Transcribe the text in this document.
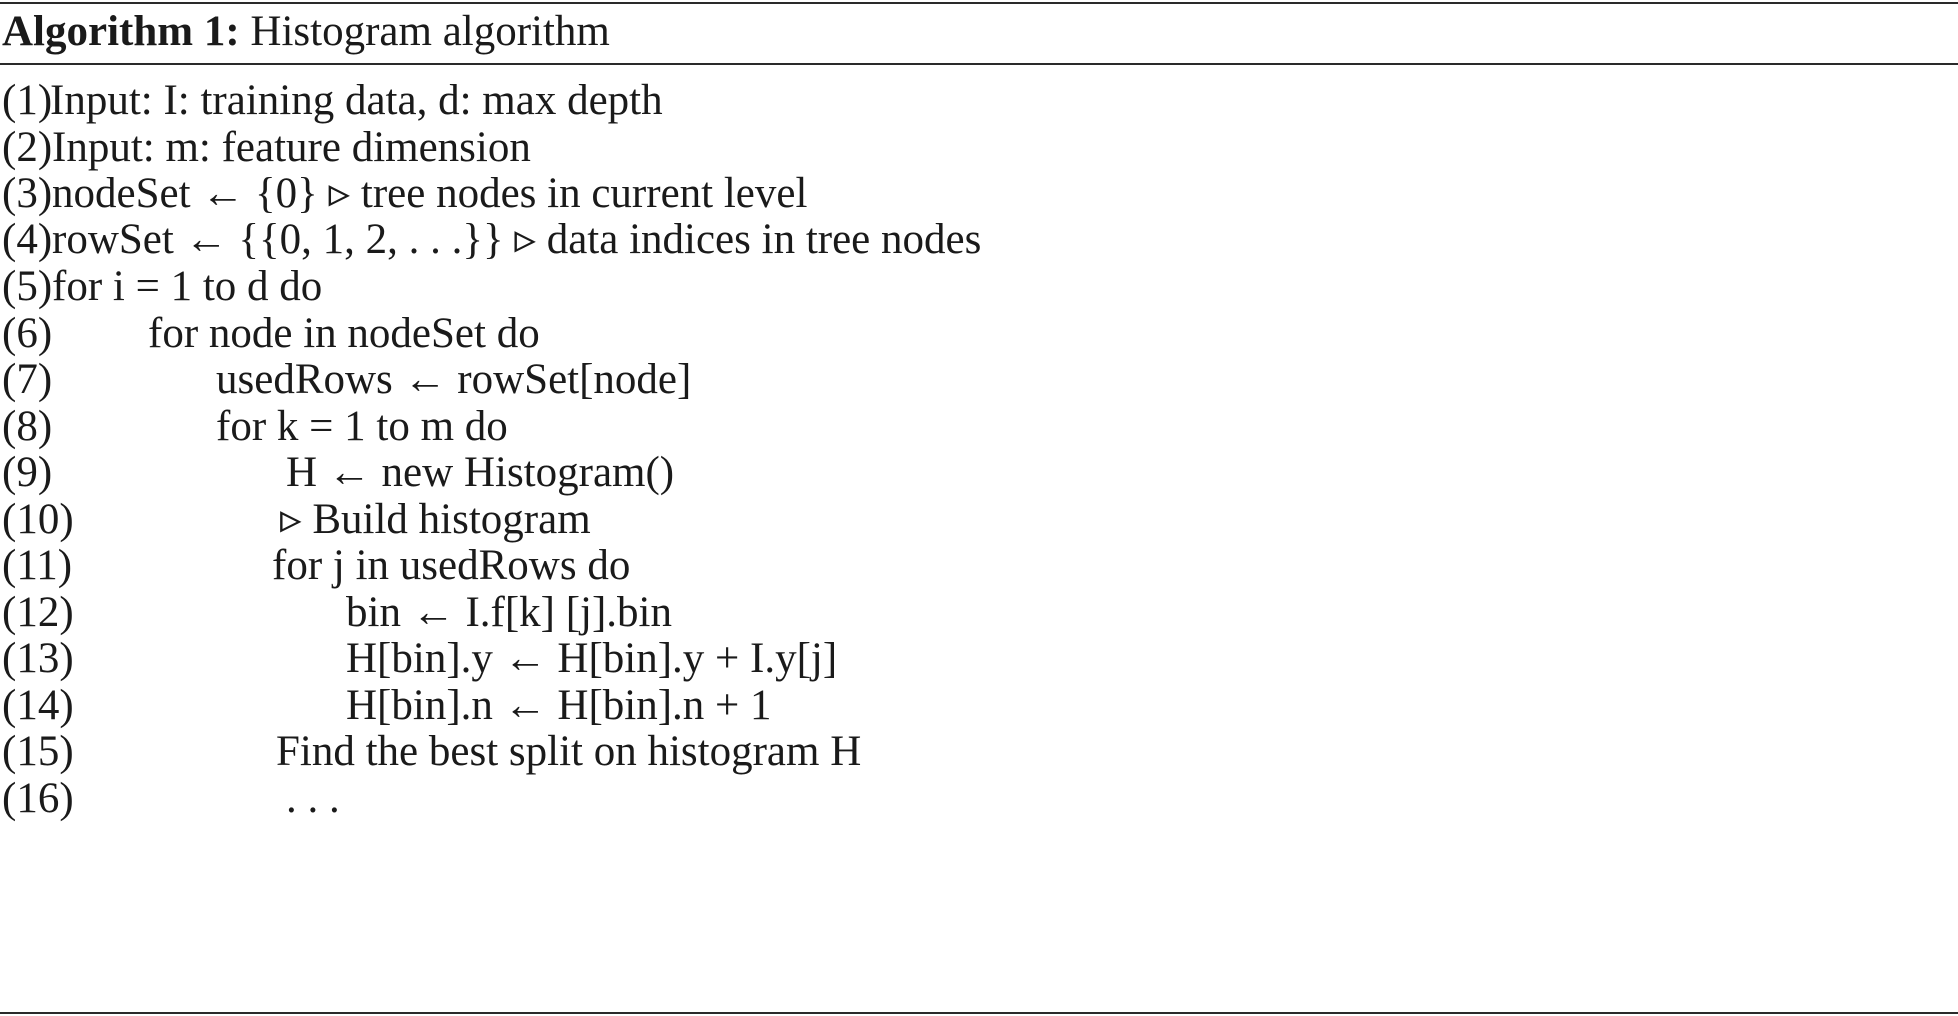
Algorithm 1: Histogram algorithm
(1)
Input: I: training data, d: max depth
(2) Input: m: feature dimension
(3) nodeSet ← {0} ▹ tree nodes in current level
(4) rowSet ← {{0, 1, 2, . . .}} ▹ data indices in tree nodes
(5) for i = 1 to d do
(6) for node in nodeSet do
(7)	usedRows ← rowSet[node]
(8)	for k = 1 to m do
(9)	H ← new Histogram()
(10)	▹ Build histogram
(11)	for j in usedRows do
(12)	bin ← I.f[k] [j].bin
(13)	H[bin].y ← H[bin].y + I.y[j]
(14)	H[bin].n ← H[bin].n + 1
(15)	Find the best split on histogram H
(16)	. . .
